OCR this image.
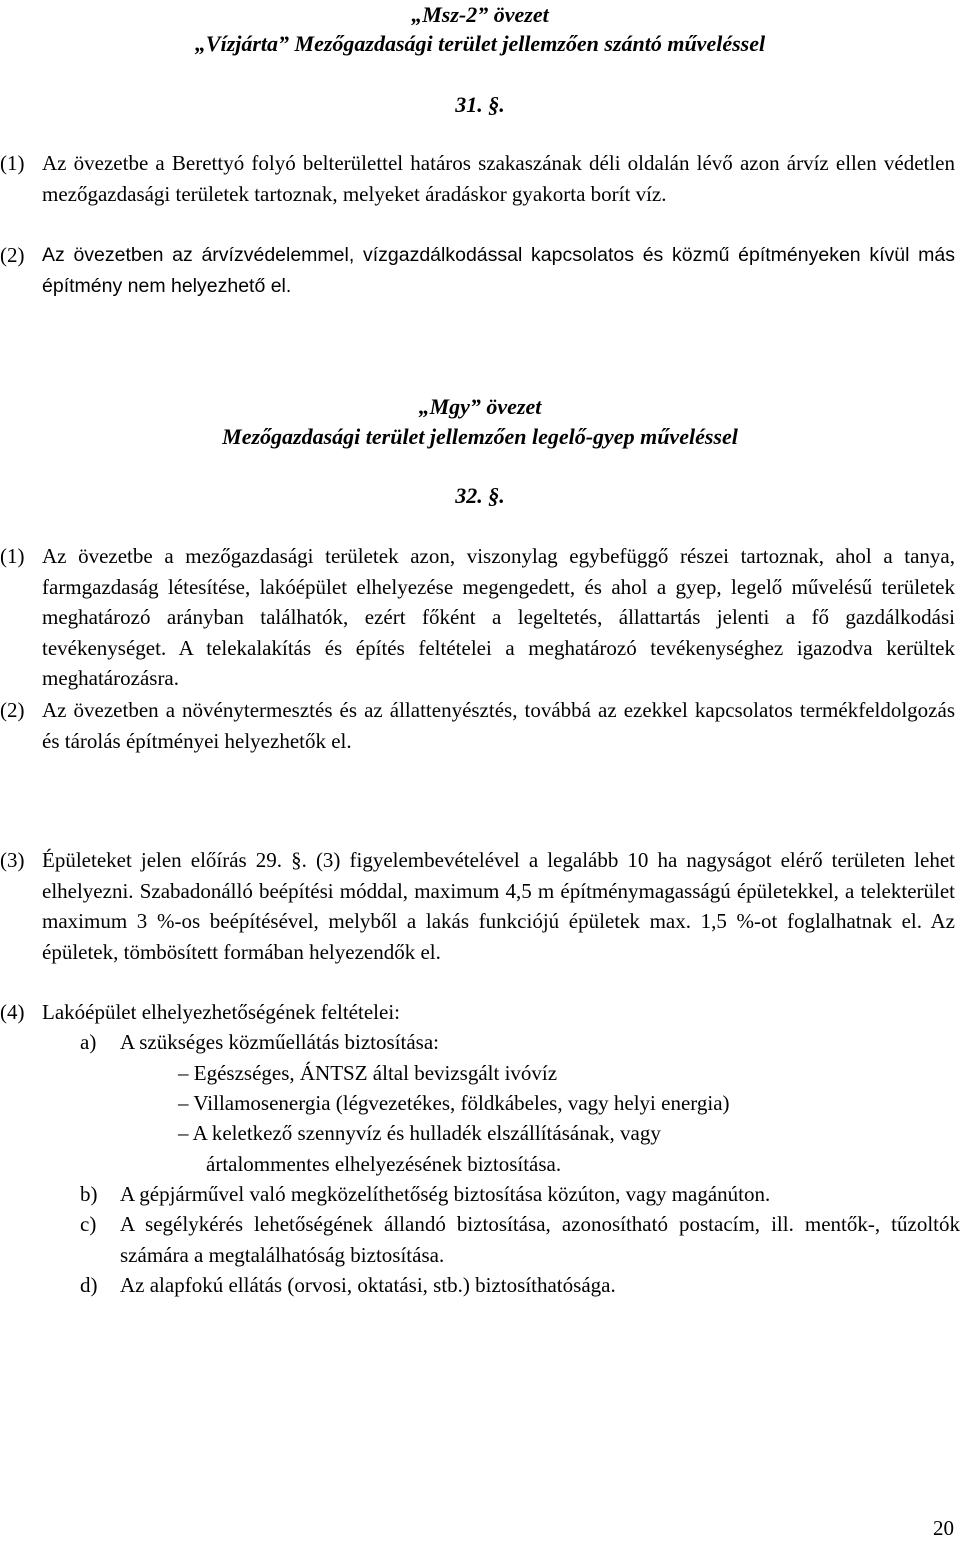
„Msz-2” övezet
„Vízjárta” Mezőgazdasági terület jellemzően szántó műveléssel
31. §.
(1) Az övezetbe a Berettyó folyó belterülettel határos szakaszának déli oldalán lévő azon árvíz ellen védetlen mezőgazdasági területek tartoznak, melyeket áradáskor gyakorta borít víz.
(2) Az övezetben az árvízvédelemmel, vízgazdálkodással kapcsolatos és közmű építményeken kívül más építmény nem helyezhető el.
„Mgy” övezet
Mezőgazdasági terület jellemzően legelő-gyep műveléssel
32. §.
(1) Az övezetbe a mezőgazdasági területek azon, viszonylag egybefüggő részei tartoznak, ahol a tanya, farmgazdaság létesítése, lakóépület elhelyezése megengedett, és ahol a gyep, legelő művelésű területek meghatározó arányban találhatók, ezért főként a legeltetés, állattartás jelenti a fő gazdálkodási tevékenységet. A telekalakítás és építés feltételei a meghatározó tevékenységhez igazodva kerültek meghatározásra.
(2) Az övezetben a növénytermesztés és az állattenyésztés, továbbá az ezekkel kapcsolatos termékfeldolgozás és tárolás építményei helyezhetők el.
(3) Épületeket jelen előírás 29. §. (3) figyelembevételével a legalább 10 ha nagyságot elérő területen lehet elhelyezni. Szabadonálló beépítési móddal, maximum 4,5 m építménymagasságú épületekkel, a telekterület maximum 3 %-os beépítésével, melyből a lakás funkciójú épületek max. 1,5 %-ot foglalhatnak el. Az épületek, tömbösített formában helyezendők el.
(4) Lakóépület elhelyezhetőségének feltételei:
a)	A szükséges közműellátás biztosítása:
– Egészséges, ÁNTSZ által bevizsgált ivóvíz
– Villamosenergia (légvezetékes, földkábeles, vagy helyi energia)
– A keletkező szennyvíz és hulladék elszállításának, vagy
ártalommentes elhelyezésének biztosítása.
b)	A gépjárművel való megközelíthetőség biztosítása közúton, vagy magánúton.
c)	A segélykérés lehetőségének állandó biztosítása, azonosítható postacím, ill. mentők-, tűzoltók számára a megtalálhatóság biztosítása.
d)	Az alapfokú ellátás (orvosi, oktatási, stb.) biztosíthatósága.
20
